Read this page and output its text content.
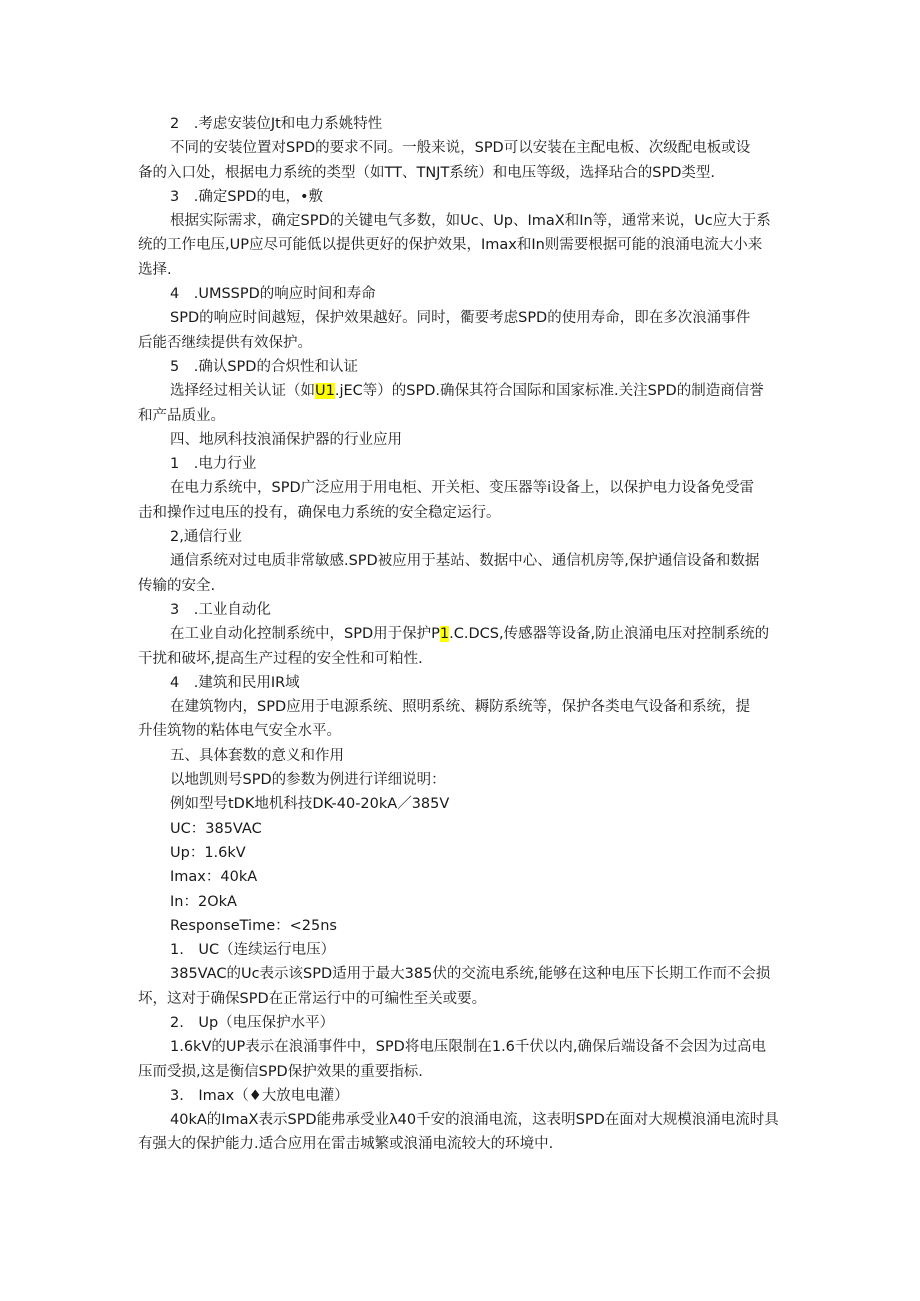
2　.考虑安装位Jt和电力系姚特性
不同的安装位置对SPD的要求不同。一般来说，SPD可以安装在主配电板、次级配电板或设
备的入口处，根据电力系统的类型（如TT、TNJT系统）和电压等级，选择玷合的SPD类型.
3　.确定SPD的电，•敷
根据实际需求，确定SPD的关键电气多数，如Uc、Up、ImaX和In等，通常来说，Uc应大于系
统的工作电压,UP应尽可能低以提供更好的保护效果，Imax和In则需要根据可能的浪涌电流大小来
选择.
4　.UMSSPD的响应时间和寿命
SPD的响应时间越短，保护效果越好。同时，衢要考虑SPD的使用寿命，即在多次浪涌事件
后能否继续提供有效保护。
5　.确认SPD的合炽性和认证
选择经过相关认证（如U1.jEC等）的SPD.确保其符合国际和国家标准.关注SPD的制造商信誉
和产品质业。
四、地夙科技浪涌保护器的行业应用
1　.电力行业
在电力系统中，SPD广泛应用于用电柜、开关柜、变压器等i设备上，以保护电力设备免受雷
击和操作过电压的投有，确保电力系统的安全稳定运行。
2,通信行业
通信系统对过电质非常敏感.SPD被应用于基站、数据中心、通信机房等,保护通信设备和数据
传输的安全.
3　.工业自动化
在工业自动化控制系统中，SPD用于保护P1.C.DCS,传感器等设备,防止浪涌电压对控制系统的
干扰和破坏,提高生产过程的安全性和可粕性.
4　.建筑和民用IR域
在建筑物内，SPD应用于电源系统、照明系统、耨防系统等，保护各类电气设备和系统，提
升佳筑物的粘体电气安全水平。
五、具体套数的意义和作用
以地凯则号SPD的参数为例进行详细说明：
例如型号tDK地机科技DK-40-20kA／385V
UC：385VAC
Up：1.6kV
Imax：40kA
In：2OkA
ResponseTime：<25ns
1.　UC（连续运行电压）
385VAC的Uc表示该SPD适用于最大385伏的交流电系统,能够在这种电压下长期工作而不会损
坏，这对于确保SPD在正常运行中的可编性至关或要。
2.　Up（电压保护水平）
1.6kV的UP表示在浪涌事件中，SPD将电压限制在1.6千伏以内,确保后端设备不会因为过高电
压而受损,这是衡信SPD保护效果的重要指标.
3.　Imax（♦大放电电灌）
40kA的ImaX表示SPD能弗承受业λ40千安的浪涌电流，这表明SPD在面对大规模浪涌电流时具
有强大的保护能力.适合应用在雷击城繁或浪涌电流较大的环境中.
